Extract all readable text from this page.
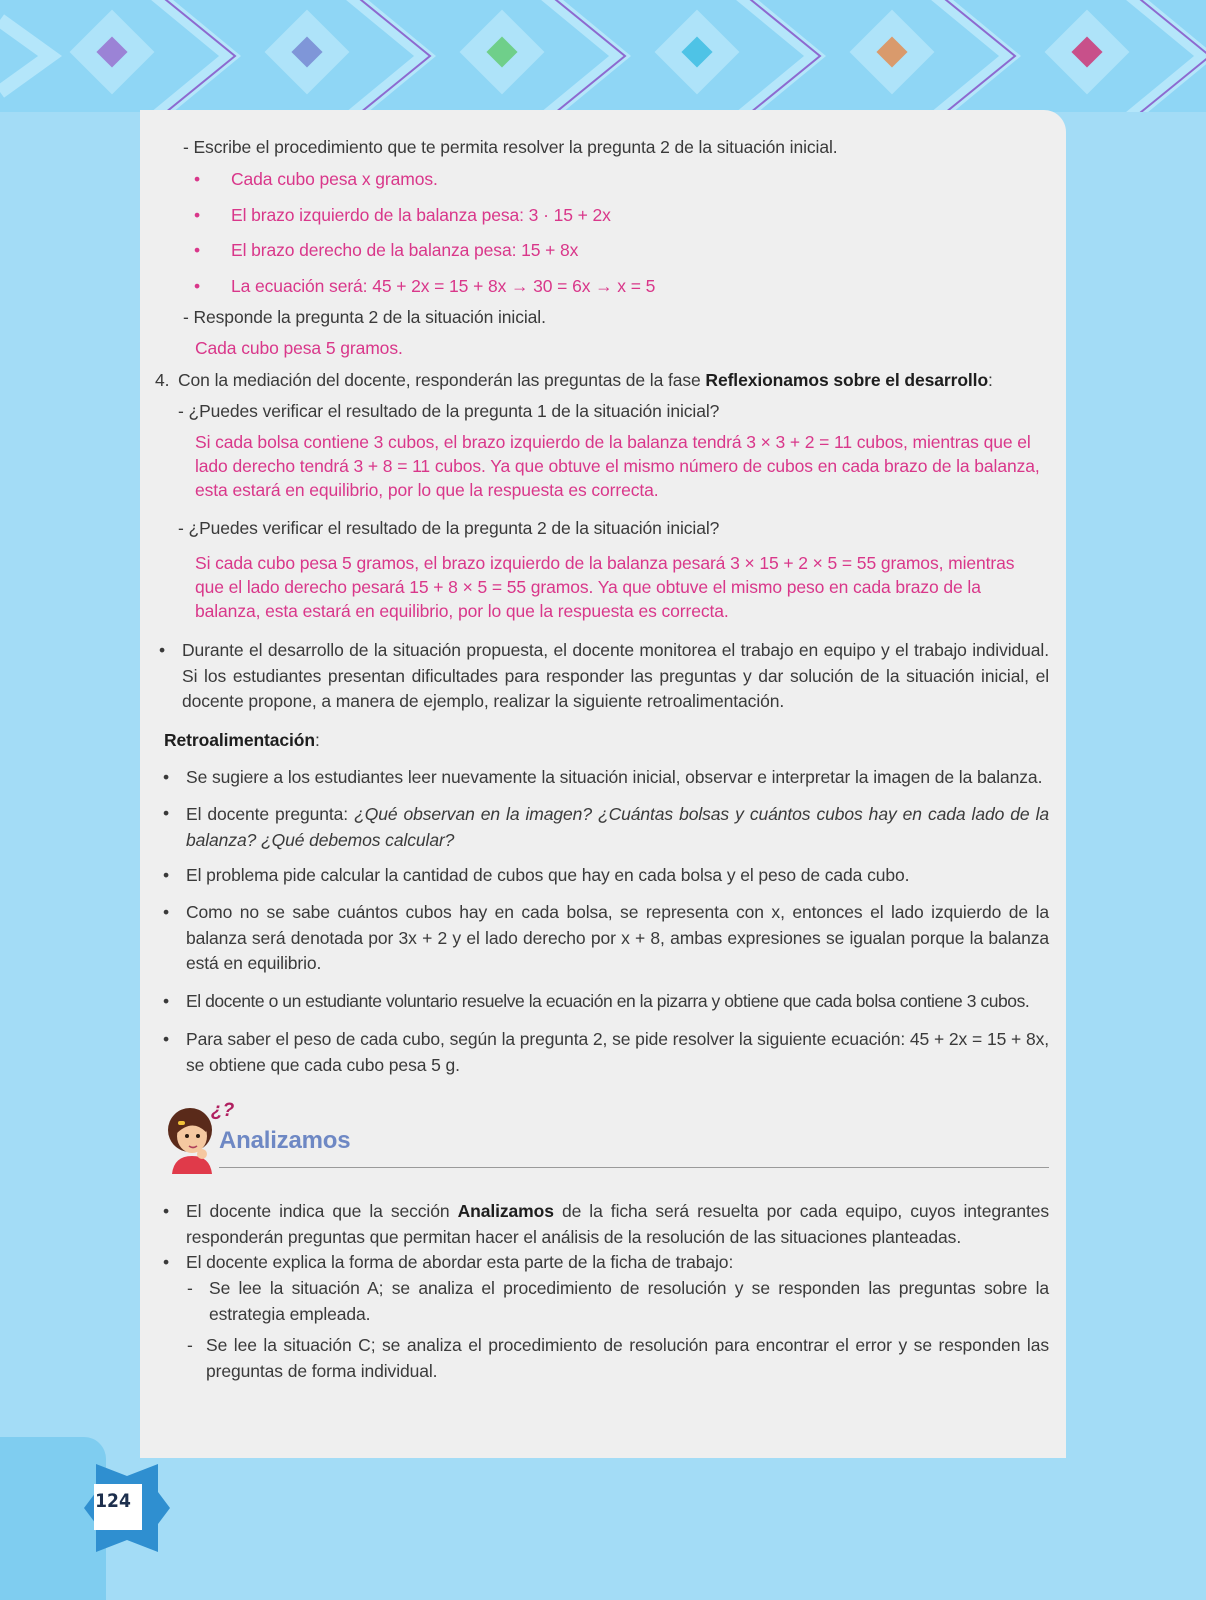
124
- Escribe el procedimiento que te permita resolver la pregunta 2 de la situación inicial.
• Cada cubo pesa x gramos.
• El brazo izquierdo de la balanza pesa: 3 · 15 + 2x
• El brazo derecho de la balanza pesa: 15 + 8x
• La ecuación será: 45 + 2x = 15 + 8x → 30 = 6x → x = 5
- Responde la pregunta 2 de la situación inicial.
Cada cubo pesa 5 gramos.
4. Con la mediación del docente, responderán las preguntas de la fase Reflexionamos sobre el desarrollo:
- ¿Puedes verificar el resultado de la pregunta 1 de la situación inicial?
Si cada bolsa contiene 3 cubos, el brazo izquierdo de la balanza tendrá 3 × 3 + 2 = 11 cubos, mientras que el lado derecho tendrá 3 + 8 = 11 cubos. Ya que obtuve el mismo número de cubos en cada brazo de la balanza, esta estará en equilibrio, por lo que la respuesta es correcta.
- ¿Puedes verificar el resultado de la pregunta 2 de la situación inicial?
Si cada cubo pesa 5 gramos, el brazo izquierdo de la balanza pesará 3 × 15 + 2 × 5 = 55 gramos, mientras que el lado derecho pesará 15 + 8 × 5 = 55 gramos. Ya que obtuve el mismo peso en cada brazo de la balanza, esta estará en equilibrio, por lo que la respuesta es correcta.
• Durante el desarrollo de la situación propuesta, el docente monitorea el trabajo en equipo y el trabajo individual. Si los estudiantes presentan dificultades para responder las preguntas y dar solución de la situación inicial, el docente propone, a manera de ejemplo, realizar la siguiente retroalimentación.
Retroalimentación:
• Se sugiere a los estudiantes leer nuevamente la situación inicial, observar e interpretar la imagen de la balanza.
• El docente pregunta: ¿Qué observan en la imagen? ¿Cuántas bolsas y cuántos cubos hay en cada lado de la balanza? ¿Qué debemos calcular?
• El problema pide calcular la cantidad de cubos que hay en cada bolsa y el peso de cada cubo.
• Como no se sabe cuántos cubos hay en cada bolsa, se representa con x, entonces el lado izquierdo de la balanza será denotada por 3x + 2 y el lado derecho por x + 8, ambas expresiones se igualan porque la balanza está en equilibrio.
• El docente o un estudiante voluntario resuelve la ecuación en la pizarra y obtiene que cada bolsa contiene 3 cubos.
• Para saber el peso de cada cubo, según la pregunta 2, se pide resolver la siguiente ecuación: 45 + 2x = 15 + 8x, se obtiene que cada cubo pesa 5 g.
¿?
Analizamos
• El docente indica que la sección Analizamos de la ficha será resuelta por cada equipo, cuyos integrantes responderán preguntas que permitan hacer el análisis de la resolución de las situaciones planteadas.
• El docente explica la forma de abordar esta parte de la ficha de trabajo:
- Se lee la situación A; se analiza el procedimiento de resolución y se responden las preguntas sobre la estrategia empleada.
- Se lee la situación C; se analiza el procedimiento de resolución para encontrar el error y se responden las preguntas de forma individual.
